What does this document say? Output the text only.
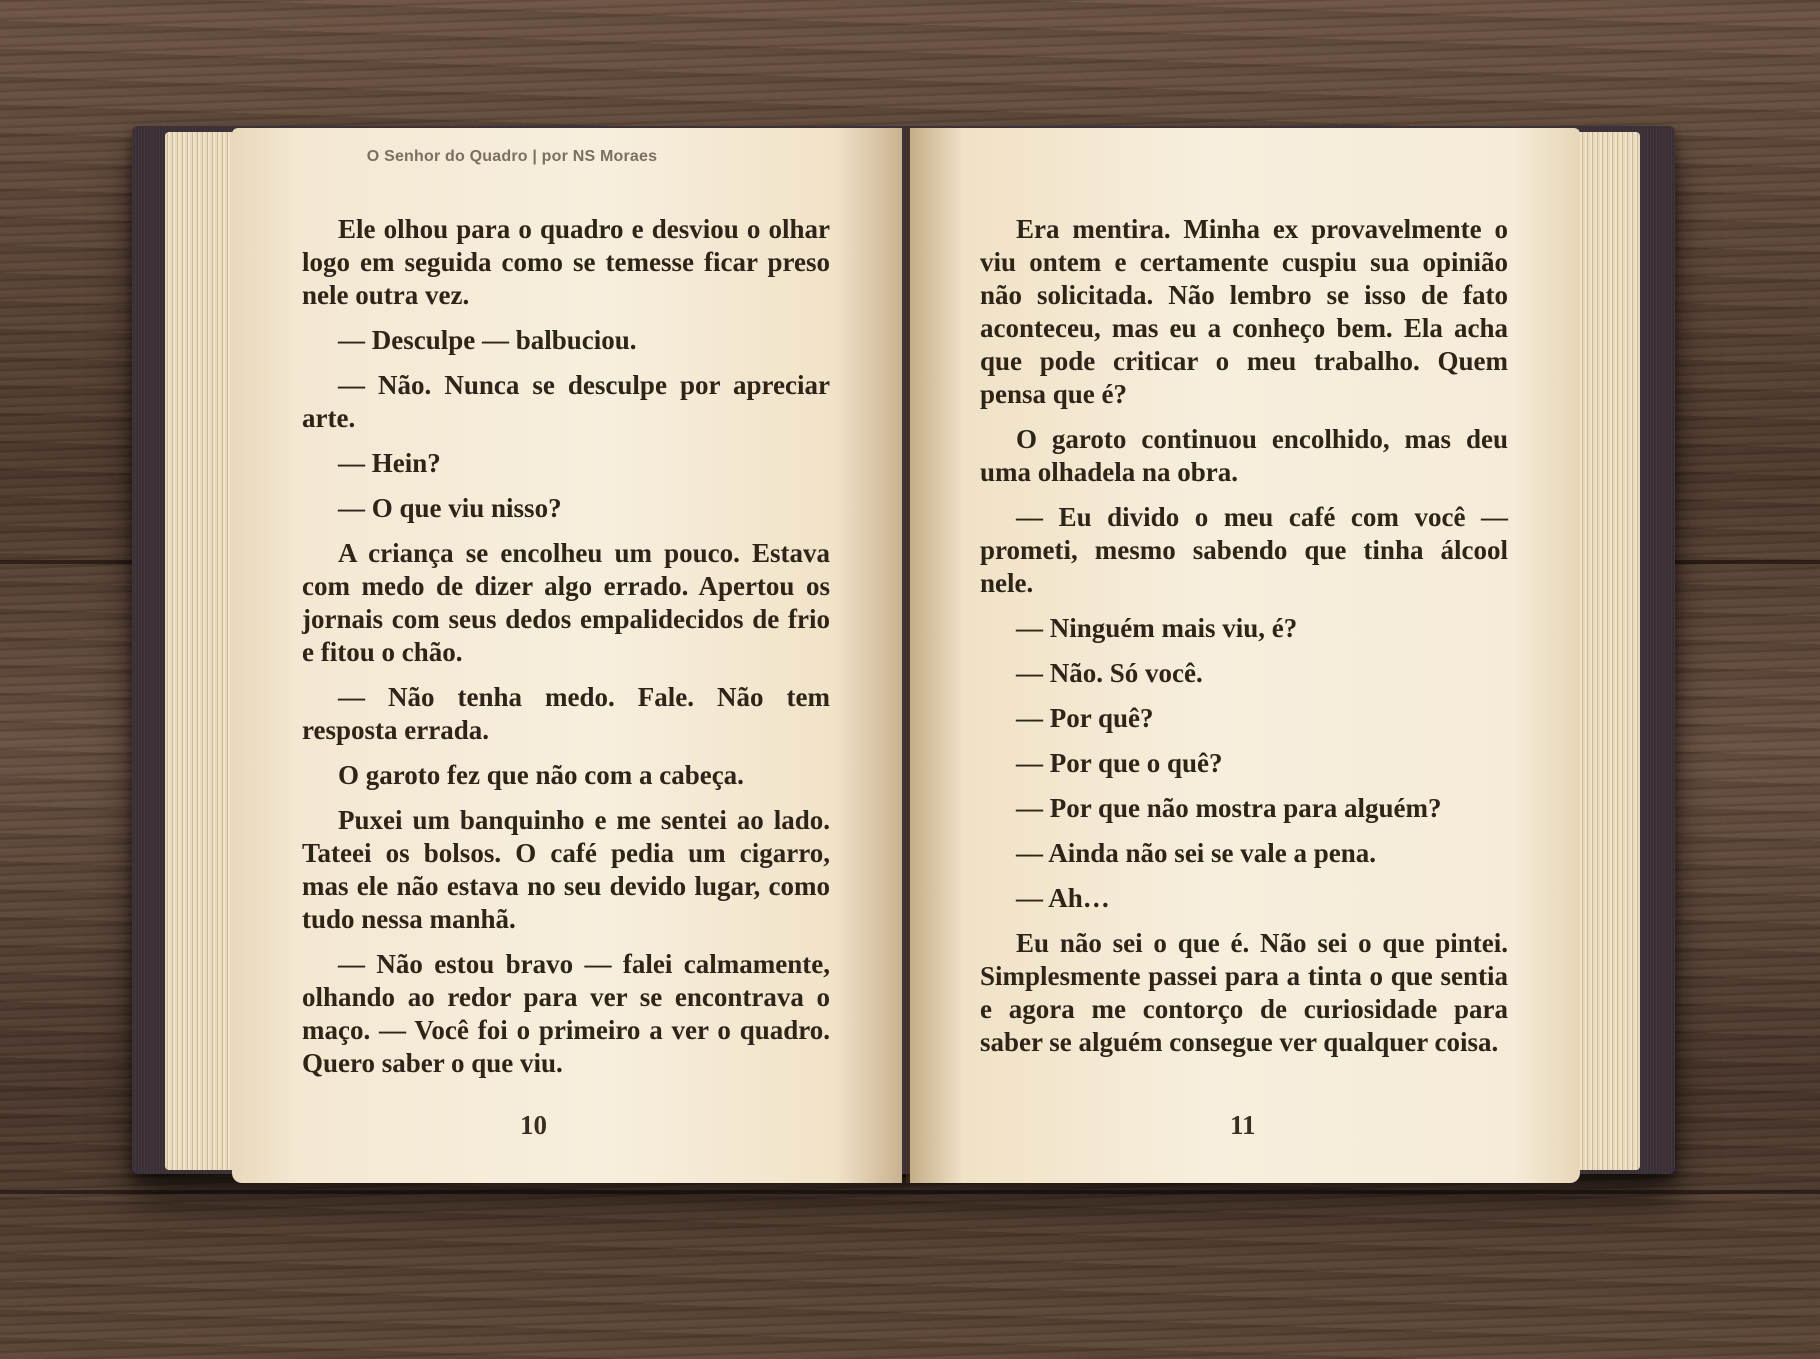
O Senhor do Quadro | por NS Moraes

Ele olhou para o quadro e desviou o olhar logo em seguida como se temesse ficar preso nele outra vez.

— Desculpe — balbuciou.

— Não. Nunca se desculpe por apreciar arte.

— Hein?

— O que viu nisso?

A criança se encolheu um pouco. Estava com medo de dizer algo errado. Apertou os jornais com seus dedos empalidecidos de frio e fitou o chão.

— Não tenha medo. Fale. Não tem resposta errada.

O garoto fez que não com a cabeça.

Puxei um banquinho e me sentei ao lado. Tateei os bolsos. O café pedia um cigarro, mas ele não estava no seu devido lugar, como tudo nessa manhã.

— Não estou bravo — falei calmamente, olhando ao redor para ver se encontrava o maço. — Você foi o primeiro a ver o quadro. Quero saber o que viu.

10

Era mentira. Minha ex provavelmente o viu ontem e certamente cuspiu sua opinião não solicitada. Não lembro se isso de fato aconteceu, mas eu a conheço bem. Ela acha que pode criticar o meu trabalho. Quem pensa que é?

O garoto continuou encolhido, mas deu uma olhadela na obra.

— Eu divido o meu café com você — prometi, mesmo sabendo que tinha álcool nele.

— Ninguém mais viu, é?

— Não. Só você.

— Por quê?

— Por que o quê?

— Por que não mostra para alguém?

— Ainda não sei se vale a pena.

— Ah…

Eu não sei o que é. Não sei o que pintei. Simplesmente passei para a tinta o que sentia e agora me contorço de curiosidade para saber se alguém consegue ver qualquer coisa.

11
